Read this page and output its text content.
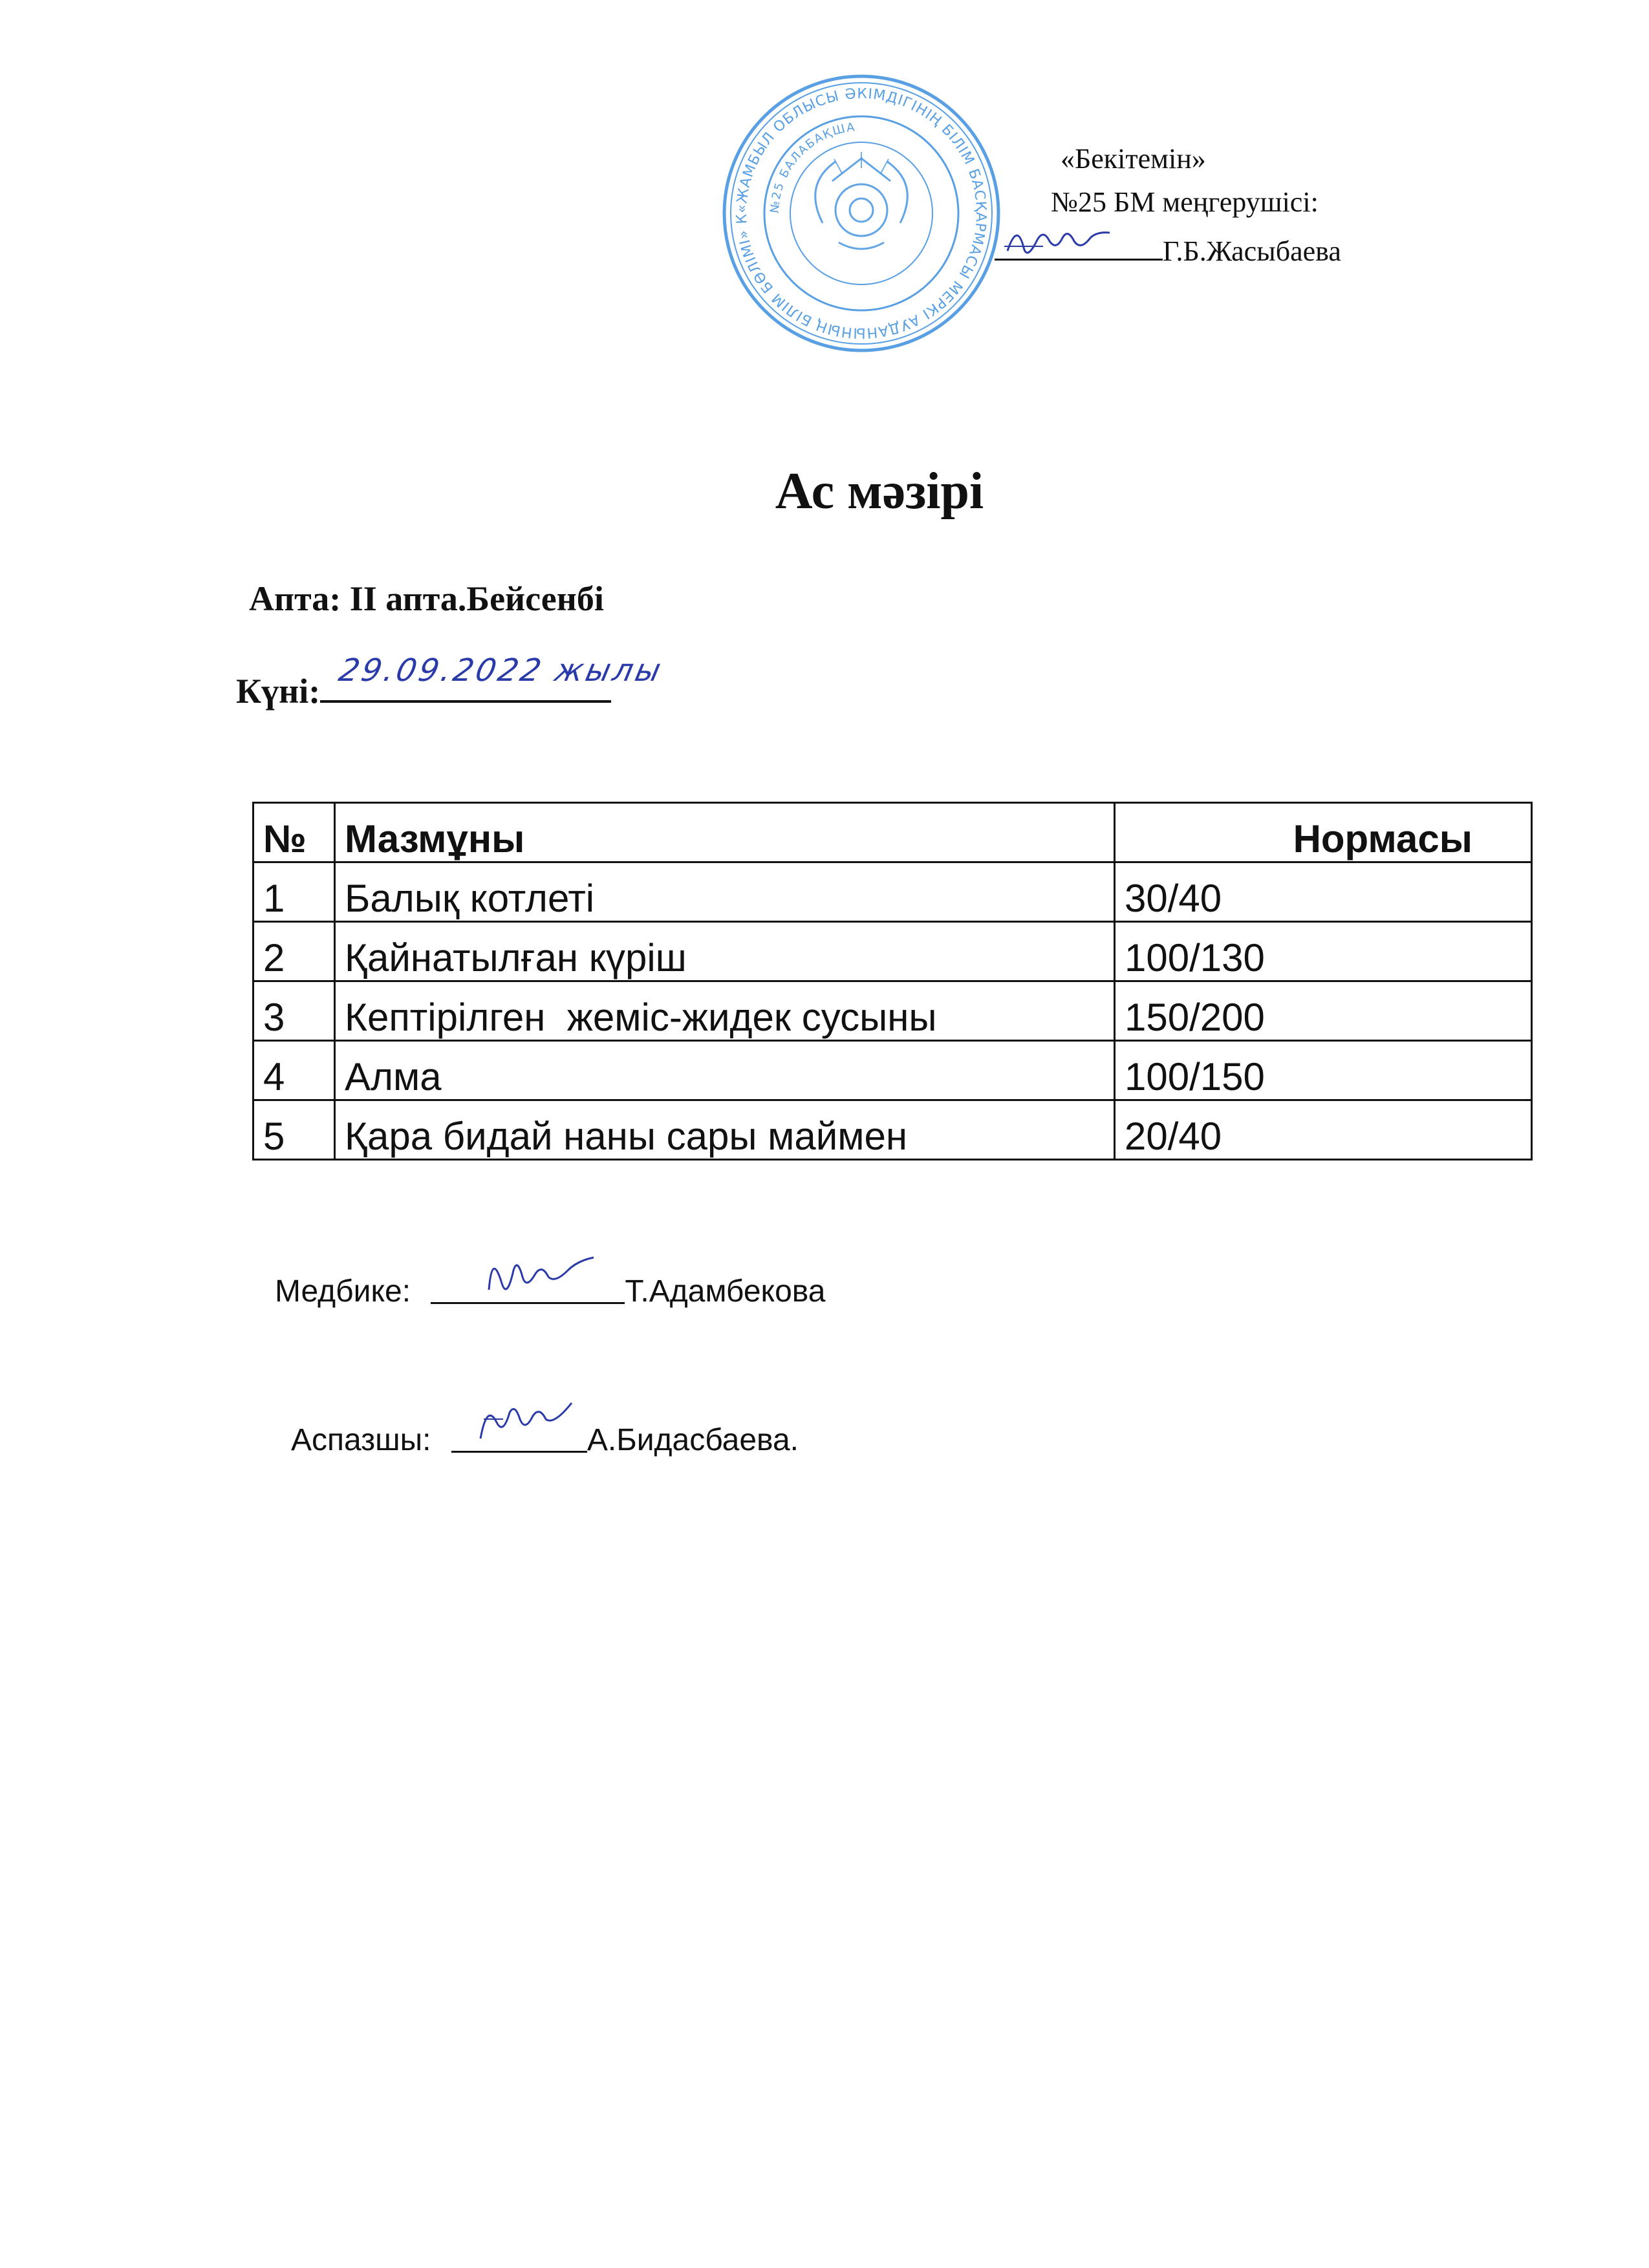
«ЖАМБЫЛ ОБЛЫСЫ ӘКІМДІГІНІҢ БІЛІМ БАСҚАРМАСЫ МЕРКІ АУДАНЫНЫҢ БІЛІМ БӨЛІМІ» К
№25 БАЛАБАҚША
«Бекітемін»
№25 БМ меңгерушісі:
Г.Б.Жасыбаева
Ас мәзірі
Апта: II апта.Бейсенбі
Күні:
29.09.2022 жылы
№	Мазмұны	Нормасы
1	Балық котлеті	30/40
2	Қайнатылған күріш	100/130
3	Кептірілген  жеміс-жидек сусыны	150/200
4	Алма	100/150
5	Қара бидай наны сары маймен	20/40
Медбике:	Т.Адамбекова
Аспазшы:	А.Бидасбаева.
